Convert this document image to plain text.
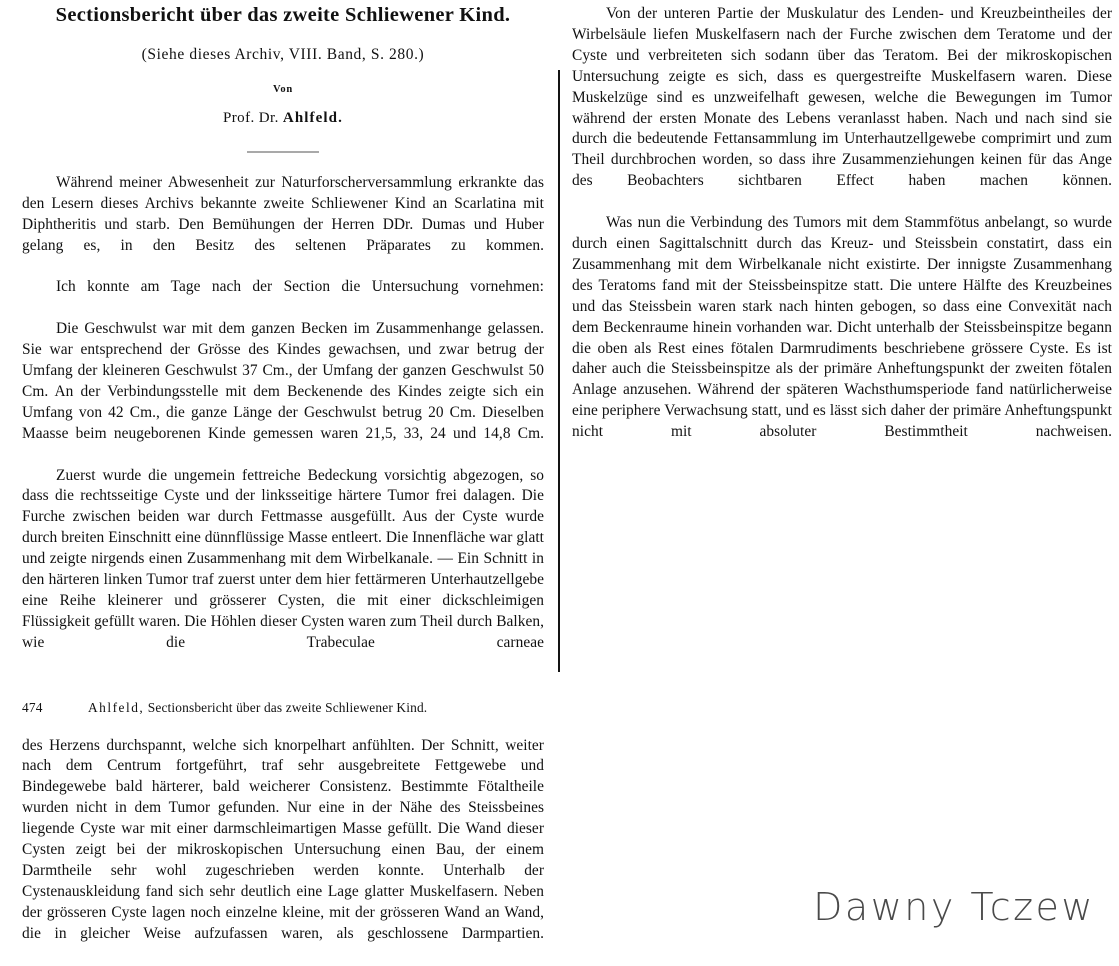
Sectionsbericht über das zweite Schliewener Kind.
(Siehe dieses Archiv, VIII. Band, S. 280.)
Von
Prof. Dr. Ahlfeld.

Während meiner Abwesenheit zur Naturforscherversammlung erkrankte das den Lesern dieses Archivs bekannte zweite Schliewener Kind an Scarlatina mit Diphtheritis und starb. Den Bemühungen der Herren DDr. Dumas und Huber gelang es, in den Besitz des seltenen Präparates zu kommen.

Ich konnte am Tage nach der Section die Untersuchung vornehmen:

Die Geschwulst war mit dem ganzen Becken im Zusammenhange gelassen. Sie war entsprechend der Grösse des Kindes gewachsen, und zwar betrug der Umfang der kleineren Geschwulst 37 Cm., der Umfang der ganzen Geschwulst 50 Cm. An der Verbindungsstelle mit dem Beckenende des Kindes zeigte sich ein Umfang von 42 Cm., die ganze Länge der Geschwulst betrug 20 Cm. Dieselben Maasse beim neugeborenen Kinde gemessen waren 21,5, 33, 24 und 14,8 Cm.

Zuerst wurde die ungemein fettreiche Bedeckung vorsichtig abgezogen, so dass die rechtsseitige Cyste und der linksseitige härtere Tumor frei dalagen. Die Furche zwischen beiden war durch Fettmasse ausgefüllt. Aus der Cyste wurde durch breiten Einschnitt eine dünnflüssige Masse entleert. Die Innenfläche war glatt und zeigte nirgends einen Zusammenhang mit dem Wirbelkanale. — Ein Schnitt in den härteren linken Tumor traf zuerst unter dem hier fettärmeren Unterhautzellgebe eine Reihe kleinerer und grösserer Cysten, die mit einer dickschleimigen Flüssigkeit gefüllt waren. Die Höhlen dieser Cysten waren zum Theil durch Balken, wie die Trabeculae carneae

474	Ahlfeld, Sectionsbericht über das zweite Schliewener Kind.

des Herzens durchspannt, welche sich knorpelhart anfühlten. Der Schnitt, weiter nach dem Centrum fortgeführt, traf sehr ausgebreitete Fettgewebe und Bindegewebe bald härterer, bald weicherer Consistenz. Bestimmte Fötaltheile wurden nicht in dem Tumor gefunden. Nur eine in der Nähe des Steissbeines liegende Cyste war mit einer darmschleimartigen Masse gefüllt. Die Wand dieser Cysten zeigt bei der mikroskopischen Untersuchung einen Bau, der einem Darmtheile sehr wohl zugeschrieben werden konnte. Unterhalb der Cystenauskleidung fand sich sehr deutlich eine Lage glatter Muskelfasern. Neben der grösseren Cyste lagen noch einzelne kleine, mit der grösseren Wand an Wand, die in gleicher Weise aufzufassen waren, als geschlossene Darmpartien.

Von der unteren Partie der Muskulatur des Lenden- und Kreuzbeintheiles der Wirbelsäule liefen Muskelfasern nach der Furche zwischen dem Teratome und der Cyste und verbreiteten sich sodann über das Teratom. Bei der mikroskopischen Untersuchung zeigte es sich, dass es quergestreifte Muskelfasern waren. Diese Muskelzüge sind es unzweifelhaft gewesen, welche die Bewegungen im Tumor während der ersten Monate des Lebens veranlasst haben. Nach und nach sind sie durch die bedeutende Fettansammlung im Unterhautzellgewebe comprimirt und zum Theil durchbrochen worden, so dass ihre Zusammenziehungen keinen für das Ange des Beobachters sichtbaren Effect haben machen können.

Was nun die Verbindung des Tumors mit dem Stammfötus anbelangt, so wurde durch einen Sagittalschnitt durch das Kreuz- und Steissbein constatirt, dass ein Zusammenhang mit dem Wirbelkanale nicht existirte. Der innigste Zusammenhang des Teratoms fand mit der Steissbeinspitze statt. Die untere Hälfte des Kreuzbeines und das Steissbein waren stark nach hinten gebogen, so dass eine Convexität nach dem Beckenraume hinein vorhanden war. Dicht unterhalb der Steissbeinspitze begann die oben als Rest eines fötalen Darmrudiments beschriebene grössere Cyste. Es ist daher auch die Steissbeinspitze als der primäre Anheftungspunkt der zweiten fötalen Anlage anzusehen. Während der späteren Wachsthumsperiode fand natürlicherweise eine periphere Verwachsung statt, und es lässt sich daher der primäre Anheftungspunkt nicht mit absoluter Bestimmtheit nachweisen.

Dawny Tczew
